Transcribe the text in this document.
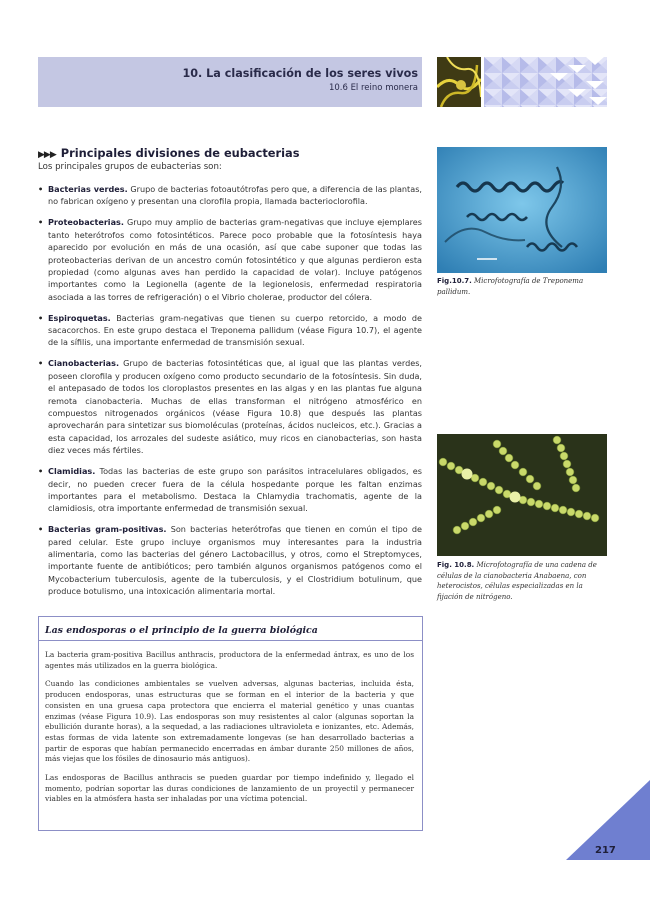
10. La clasificación de los seres vivos
10.6 El reino monera
▶▶▶ Principales divisiones de eubacterias
Los principales grupos de eubacterias son:
• Bacterias verdes. Grupo de bacterias fotoautótrofas pero que, a diferencia de las plantas, no fabrican oxígeno y presentan una clorofila propia, llamada bacterioclorofila.
• Proteobacterias. Grupo muy amplio de bacterias gram-negativas que incluye ejemplares tanto heterótrofos como fotosintéticos. Parece poco probable que la fotosíntesis haya aparecido por evolución en más de una ocasión, así que cabe suponer que todas las proteobacterias derivan de un ancestro común fotosintético y que algunas perdieron esta propiedad (como algunas aves han perdido la capacidad de volar). Incluye patógenos importantes como la Legionella (agente de la legionelosis, enfermedad respiratoria asociada a las torres de refrigeración) o el Vibrio cholerae, productor del cólera.
• Espiroquetas. Bacterias gram-negativas que tienen su cuerpo retorcido, a modo de sacacorchos. En este grupo destaca el Treponema pallidum (véase Figura 10.7), el agente de la sífilis, una importante enfermedad de transmisión sexual.
• Cianobacterias. Grupo de bacterias fotosintéticas que, al igual que las plantas verdes, poseen clorofila y producen oxígeno como producto secundario de la fotosíntesis. Sin duda, el antepasado de todos los cloroplastos presentes en las algas y en las plantas fue alguna remota cianobacteria. Muchas de ellas transforman el nitrógeno atmosférico en compuestos nitrogenados orgánicos (véase Figura 10.8) que después las plantas aprovecharán para sintetizar sus biomoléculas (proteínas, ácidos nucleicos, etc.). Gracias a esta capacidad, los arrozales del sudeste asiático, muy ricos en cianobacterias, son hasta diez veces más fértiles.
• Clamidias. Todas las bacterias de este grupo son parásitos intracelulares obligados, es decir, no pueden crecer fuera de la célula hospedante porque les faltan enzimas importantes para el metabolismo. Destaca la Chlamydia trachomatis, agente de la clamidiosis, otra importante enfermedad de transmisión sexual.
• Bacterias gram-positivas. Son bacterias heterótrofas que tienen en común el tipo de pared celular. Este grupo incluye organismos muy interesantes para la industria alimentaria, como las bacterias del género Lactobacillus, y otros, como el Streptomyces, importante fuente de antibióticos; pero también algunos organismos patógenos como el Mycobacterium tuberculosis, agente de la tuberculosis, y el Clostridium botulinum, que produce botulismo, una intoxicación alimentaria mortal.
Fig.10.7. Microfotografía de Treponema pallidum.
Fig. 10.8. Microfotografía de una cadena de células de la cianobacteria Anabaena, con heterocistos, células especializadas en la fijación de nitrógeno.
Las endosporas o el principio de la guerra biológica

La bacteria gram-positiva Bacillus anthracis, productora de la enfermedad ántrax, es uno de los agentes más utilizados en la guerra biológica.

Cuando las condiciones ambientales se vuelven adversas, algunas bacterias, incluida ésta, producen endosporas, unas estructuras que se forman en el interior de la bacteria y que consisten en una gruesa capa protectora que encierra el material genético y unas cuantas enzimas (véase Figura 10.9). Las endosporas son muy resistentes al calor (algunas soportan la ebullición durante horas), a la sequedad, a las radiaciones ultravioleta e ionizantes, etc. Además, estas formas de vida latente son extremadamente longevas (se han desarrollado bacterias a partir de esporas que habían permanecido encerradas en ámbar durante 250 millones de años, más viejas que los fósiles de dinosaurio más antiguos).

Las endosporas de Bacillus anthracis se pueden guardar por tiempo indefinido y, llegado el momento, podrían soportar las duras condiciones de lanzamiento de un proyectil y permanecer viables en la atmósfera hasta ser inhaladas por una víctima potencial.

217
